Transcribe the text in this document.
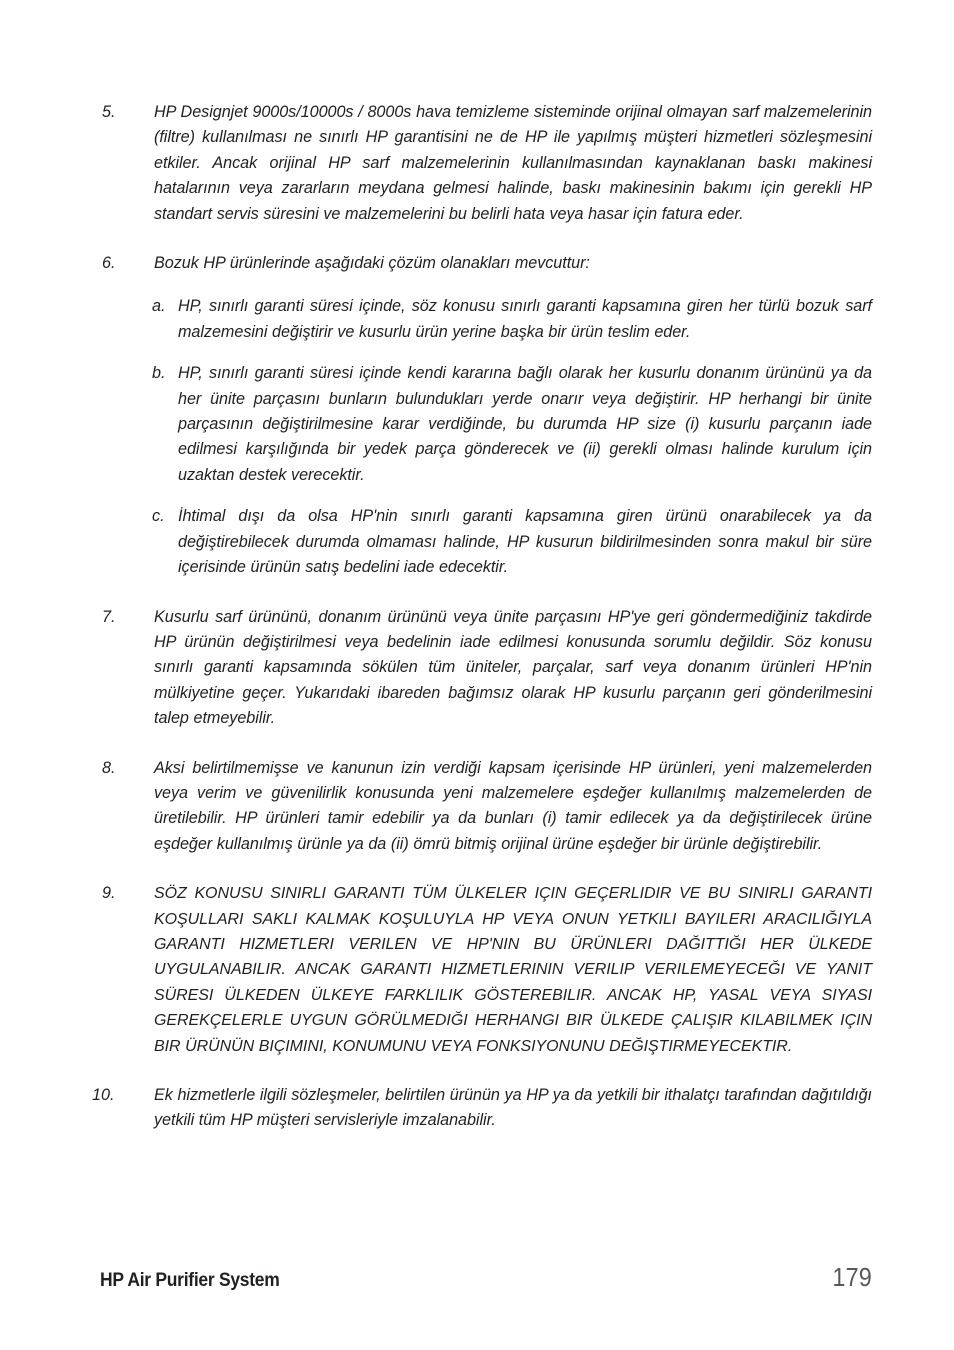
5.	HP Designjet 9000s/10000s / 8000s hava temizleme sisteminde orijinal olmayan sarf malzemelerinin (filtre) kullanılması ne sınırlı HP garantisini ne de HP ile yapılmış müşteri hizmetleri sözleşmesini etkiler. Ancak orijinal HP sarf malzemelerinin kullanılmasından kaynaklanan baskı makinesi hatalarının veya zararların meydana gelmesi halinde, baskı makinesinin bakımı için gerekli HP standart servis süresini ve malzemelerini bu belirli hata veya hasar için fatura eder.
6.	Bozuk HP ürünlerinde aşağıdaki çözüm olanakları mevcuttur:
a. HP, sınırlı garanti süresi içinde, söz konusu sınırlı garanti kapsamına giren her türlü bozuk sarf malzemesini değiştirir ve kusurlu ürün yerine başka bir ürün teslim eder.
b. HP, sınırlı garanti süresi içinde kendi kararına bağlı olarak her kusurlu donanım ürününü ya da her ünite parçasını bunların bulundukları yerde onarır veya değiştirir. HP herhangi bir ünite parçasının değiştirilmesine karar verdiğinde, bu durumda HP size (i) kusurlu parçanın iade edilmesi karşılığında bir yedek parça gönderecek ve (ii) gerekli olması halinde kurulum için uzaktan destek verecektir.
c. İhtimal dışı da olsa HP'nin sınırlı garanti kapsamına giren ürünü onarabilecek ya da değiştirebilecek durumda olmaması halinde, HP kusurun bildirilmesinden sonra makul bir süre içerisinde ürünün satış bedelini iade edecektir.
7.	Kusurlu sarf ürününü, donanım ürününü veya ünite parçasını HP'ye geri göndermediğiniz takdirde HP ürünün değiştirilmesi veya bedelinin iade edilmesi konusunda sorumlu değildir. Söz konusu sınırlı garanti kapsamında sökülen tüm üniteler, parçalar, sarf veya donanım ürünleri HP'nin mülkiyetine geçer. Yukarıdaki ibareden bağımsız olarak HP kusurlu parçanın geri gönderilmesini talep etmeyebilir.
8.	Aksi belirtilmemişse ve kanunun izin verdiği kapsam içerisinde HP ürünleri, yeni malzemelerden veya verim ve güvenilirlik konusunda yeni malzemelere eşdeğer kullanılmış malzemelerden de üretilebilir. HP ürünleri tamir edebilir ya da bunları (i) tamir edilecek ya da değiştirilecek ürüne eşdeğer kullanılmış ürünle ya da (ii) ömrü bitmiş orijinal ürüne eşdeğer bir ürünle değiştirebilir.
9.	SÖZ KONUSU SINIRLI GARANTI TÜM ÜLKELER IÇIN GEÇERLIDIR VE BU SINIRLI GARANTI KOŞULLARI SAKLI KALMAK KOŞULUYLA HP VEYA ONUN YETKILI BAYILERI ARACILIĞIYLA GARANTI HIZMETLERI VERILEN VE HP'NIN BU ÜRÜNLERI DAĞITTIĞI HER ÜLKEDE UYGULANABILIR. ANCAK GARANTI HIZMETLERININ VERILIP VERILEMEYECEĞI VE YANIT SÜRESI ÜLKEDEN ÜLKEYE FARKLILIK GÖSTEREBILIR. ANCAK HP, YASAL VEYA SIYASI GEREKÇELERLE UYGUN GÖRÜLMEDIĞI HERHANGI BIR ÜLKEDE ÇALIŞIR KILABILMEK IÇIN BIR ÜRÜNÜN BIÇIMINI, KONUMUNU VEYA FONKSIYONUNU DEĞIŞTIRMEYECEKTIR.
10.	Ek hizmetlerle ilgili sözleşmeler, belirtilen ürünün ya HP ya da yetkili bir ithalatçı tarafından dağıtıldığı yetkili tüm HP müşteri servisleriyle imzalanabilir.
HP Air Purifier System	179
